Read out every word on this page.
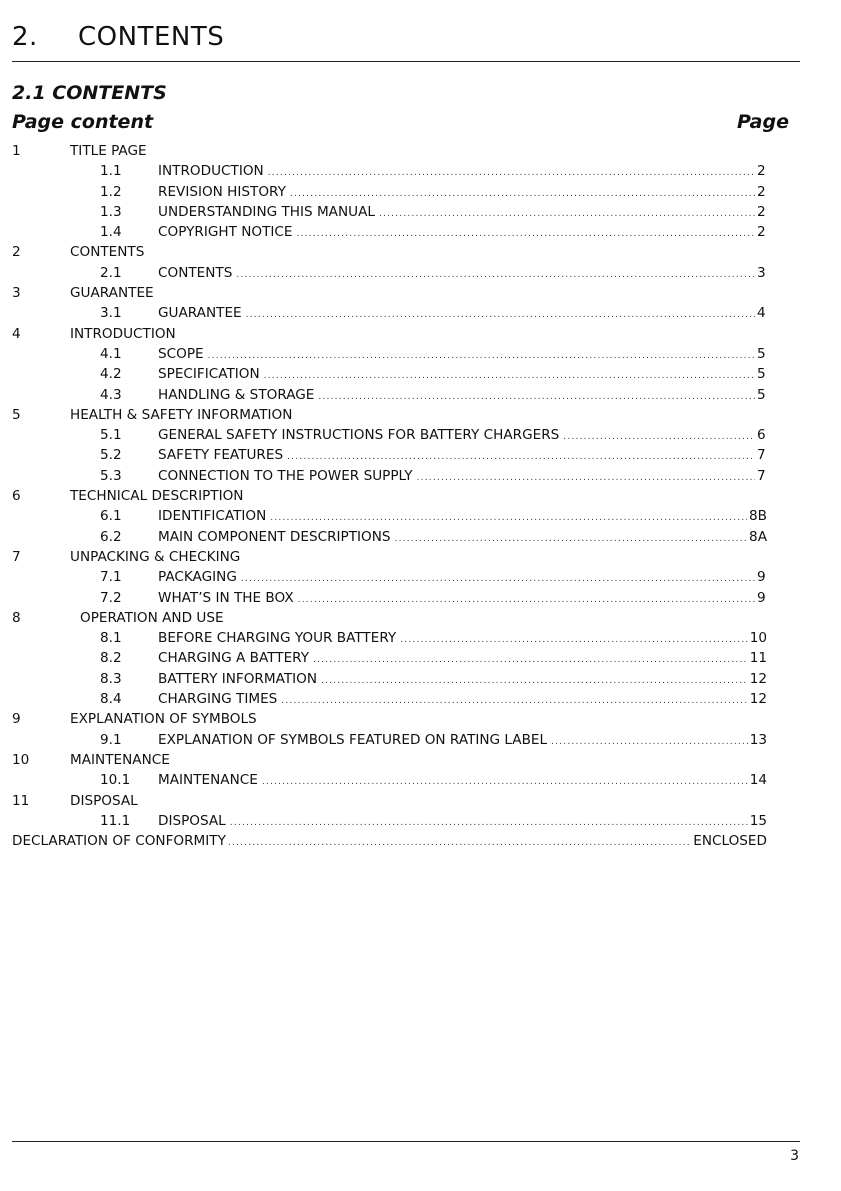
2. CONTENTS
2.1 CONTENTS
Page content	Page
1	TITLE PAGE
1.1	INTRODUCTION .....	2
1.2	REVISION HISTORY .....	2
1.3	UNDERSTANDING THIS MANUAL .....	2
1.4	COPYRIGHT NOTICE .....	2
2	CONTENTS
2.1	CONTENTS .....	3
3	GUARANTEE
3.1	GUARANTEE .....	4
4	INTRODUCTION
4.1	SCOPE .....	5
4.2	SPECIFICATION .....	5
4.3	HANDLING & STORAGE .....	5
5	HEALTH & SAFETY INFORMATION
5.1	GENERAL SAFETY INSTRUCTIONS FOR BATTERY CHARGERS .....	6
5.2	SAFETY FEATURES .....	7
5.3	CONNECTION TO THE POWER SUPPLY .....	7
6	TECHNICAL DESCRIPTION
6.1	IDENTIFICATION .....	8B
6.2	MAIN COMPONENT DESCRIPTIONS .....	8A
7	UNPACKING & CHECKING
7.1	PACKAGING .....	9
7.2	WHAT’S IN THE BOX .....	9
8	OPERATION AND USE
8.1	BEFORE CHARGING YOUR BATTERY .....	10
8.2	CHARGING A BATTERY .....	11
8.3	BATTERY INFORMATION .....	12
8.4	CHARGING TIMES .....	12
9	EXPLANATION OF SYMBOLS
9.1	EXPLANATION OF SYMBOLS FEATURED ON RATING LABEL .....	13
10	MAINTENANCE
10.1	MAINTENANCE .....	14
11	DISPOSAL
11.1	DISPOSAL .....	15
DECLARATION OF CONFORMITY .....	ENCLOSED
3
